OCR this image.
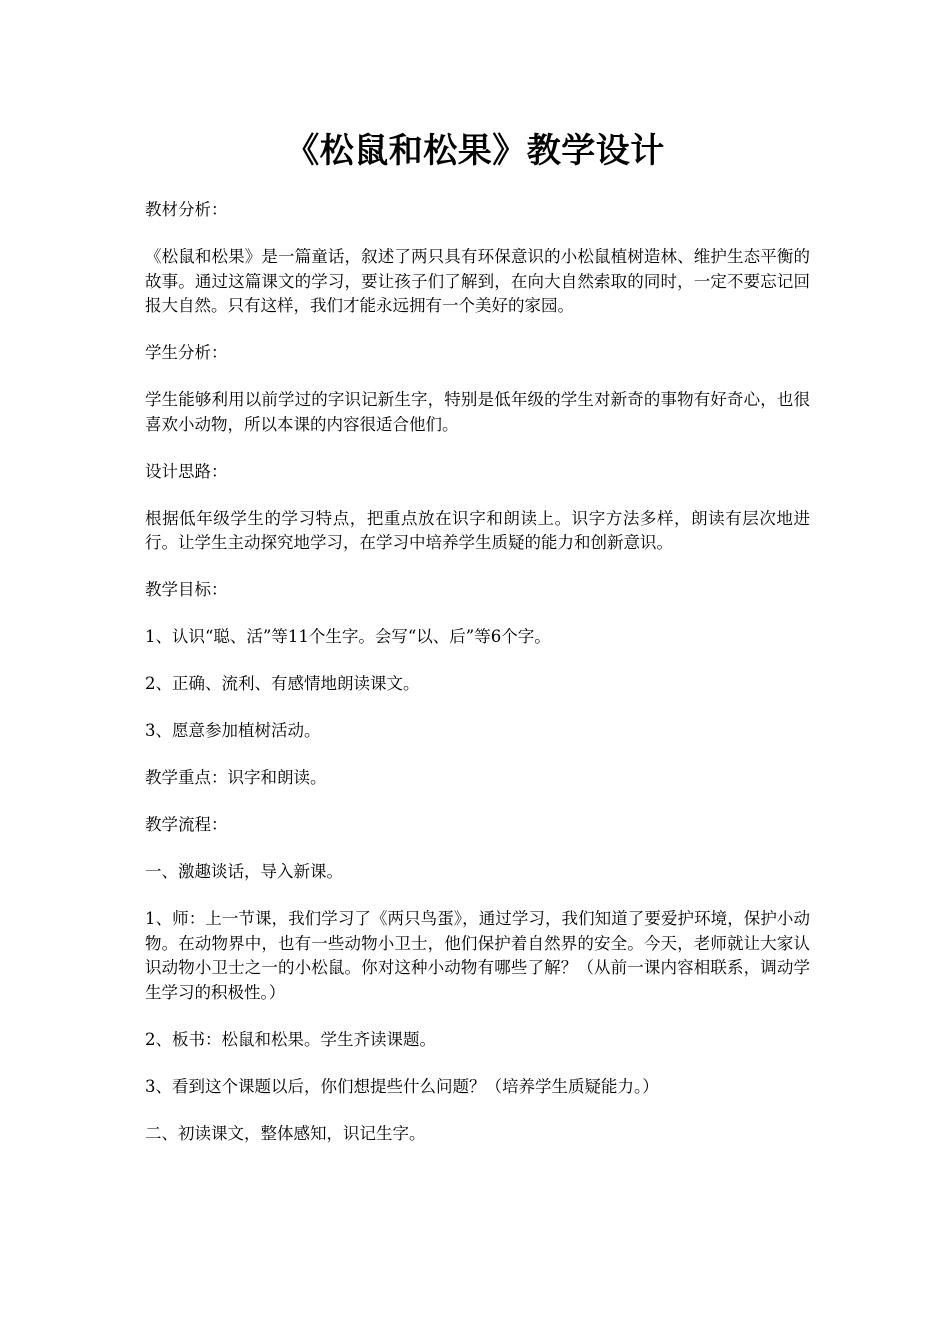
《松鼠和松果》教学设计

教材分析：

《松鼠和松果》是一篇童话，叙述了两只具有环保意识的小松鼠植树造林、维护生态平衡的故事。通过这篇课文的学习，要让孩子们了解到，在向大自然索取的同时，一定不要忘记回报大自然。只有这样，我们才能永远拥有一个美好的家园。

学生分析：

学生能够利用以前学过的字识记新生字，特别是低年级的学生对新奇的事物有好奇心，也很喜欢小动物，所以本课的内容很适合他们。

设计思路：

根据低年级学生的学习特点，把重点放在识字和朗读上。识字方法多样，朗读有层次地进行。让学生主动探究地学习，在学习中培养学生质疑的能力和创新意识。

教学目标：

1、认识“聪、活”等11个生字。会写“以、后”等6个字。

2、正确、流利、有感情地朗读课文。

3、愿意参加植树活动。

教学重点：识字和朗读。

教学流程：

一、激趣谈话，导入新课。

1、师：上一节课，我们学习了《两只鸟蛋》，通过学习，我们知道了要爱护环境，保护小动物。在动物界中，也有一些动物小卫士，他们保护着自然界的安全。今天，老师就让大家认识动物小卫士之一的小松鼠。你对这种小动物有哪些了解？（从前一课内容相联系，调动学生学习的积极性。）

2、板书：松鼠和松果。学生齐读课题。

3、看到这个课题以后，你们想提些什么问题？（培养学生质疑能力。）

二、初读课文，整体感知，识记生字。
